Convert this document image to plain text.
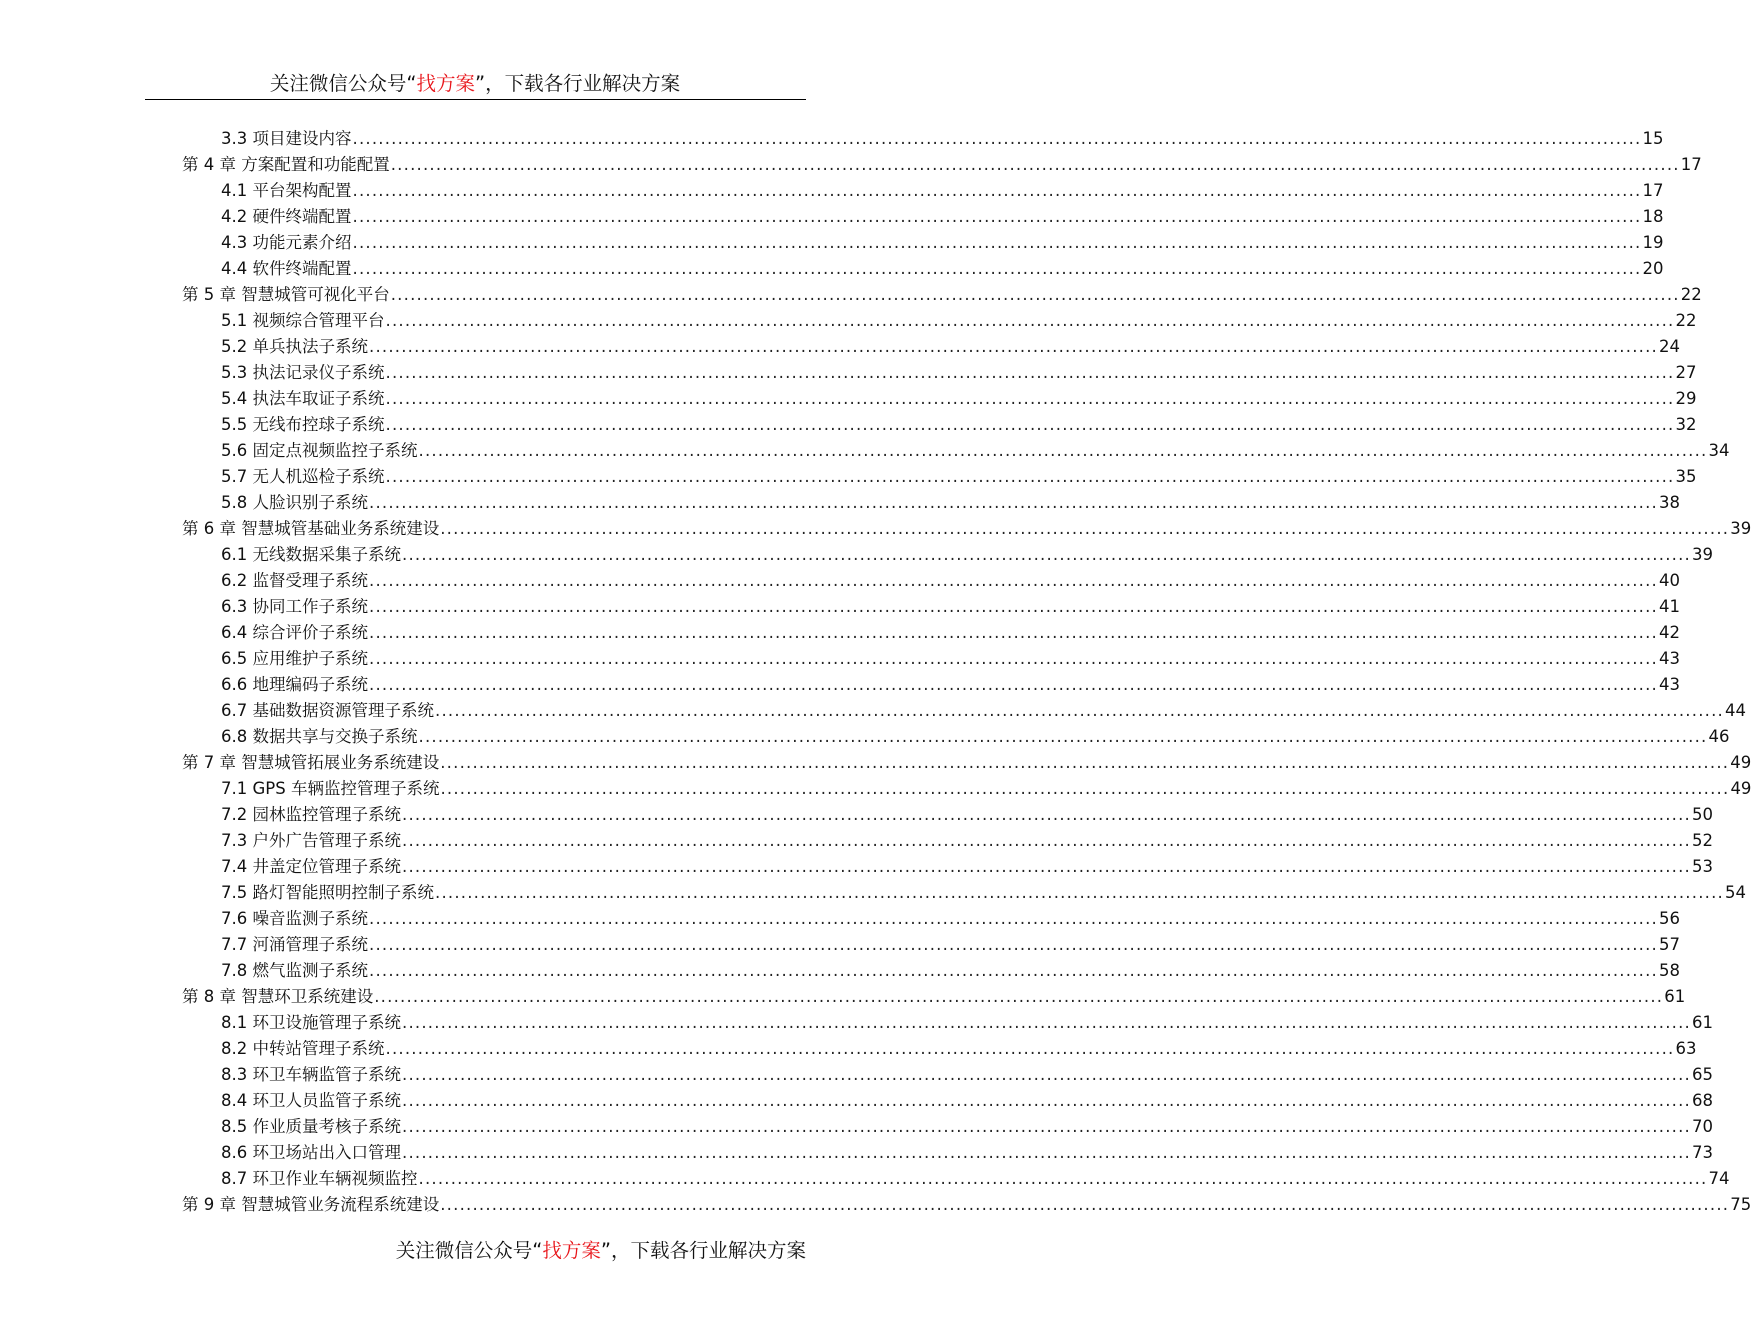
关注微信公众号“找方案”，下载各行业解决方案
3.3 项目建设内容 ........................................................................................................................................................................................................ 15
第 4 章 方案配置和功能配置 ........................................................................................................................................................................................................ 17
4.1 平台架构配置 ........................................................................................................................................................................................................ 17
4.2 硬件终端配置 ........................................................................................................................................................................................................ 18
4.3 功能元素介绍 ........................................................................................................................................................................................................ 19
4.4 软件终端配置 ........................................................................................................................................................................................................ 20
第 5 章 智慧城管可视化平台 ........................................................................................................................................................................................................ 22
5.1 视频综合管理平台 ........................................................................................................................................................................................................ 22
5.2 单兵执法子系统 ........................................................................................................................................................................................................ 24
5.3 执法记录仪子系统 ........................................................................................................................................................................................................ 27
5.4 执法车取证子系统 ........................................................................................................................................................................................................ 29
5.5 无线布控球子系统 ........................................................................................................................................................................................................ 32
5.6 固定点视频监控子系统 ........................................................................................................................................................................................................ 34
5.7 无人机巡检子系统 ........................................................................................................................................................................................................ 35
5.8 人脸识别子系统 ........................................................................................................................................................................................................ 38
第 6 章 智慧城管基础业务系统建设 ........................................................................................................................................................................................................ 39
6.1 无线数据采集子系统 ........................................................................................................................................................................................................ 39
6.2 监督受理子系统 ........................................................................................................................................................................................................ 40
6.3 协同工作子系统 ........................................................................................................................................................................................................ 41
6.4 综合评价子系统 ........................................................................................................................................................................................................ 42
6.5 应用维护子系统 ........................................................................................................................................................................................................ 43
6.6 地理编码子系统 ........................................................................................................................................................................................................ 43
6.7 基础数据资源管理子系统 ........................................................................................................................................................................................................ 44
6.8 数据共享与交换子系统 ........................................................................................................................................................................................................ 46
第 7 章 智慧城管拓展业务系统建设 ........................................................................................................................................................................................................ 49
7.1 GPS 车辆监控管理子系统 ........................................................................................................................................................................................................ 49
7.2 园林监控管理子系统 ........................................................................................................................................................................................................ 50
7.3 户外广告管理子系统 ........................................................................................................................................................................................................ 52
7.4 井盖定位管理子系统 ........................................................................................................................................................................................................ 53
7.5 路灯智能照明控制子系统 ........................................................................................................................................................................................................ 54
7.6 噪音监测子系统 ........................................................................................................................................................................................................ 56
7.7 河涌管理子系统 ........................................................................................................................................................................................................ 57
7.8 燃气监测子系统 ........................................................................................................................................................................................................ 58
第 8 章 智慧环卫系统建设 ........................................................................................................................................................................................................ 61
8.1 环卫设施管理子系统 ........................................................................................................................................................................................................ 61
8.2 中转站管理子系统 ........................................................................................................................................................................................................ 63
8.3 环卫车辆监管子系统 ........................................................................................................................................................................................................ 65
8.4 环卫人员监管子系统 ........................................................................................................................................................................................................ 68
8.5 作业质量考核子系统 ........................................................................................................................................................................................................ 70
8.6 环卫场站出入口管理 ........................................................................................................................................................................................................ 73
8.7 环卫作业车辆视频监控 ........................................................................................................................................................................................................ 74
第 9 章 智慧城管业务流程系统建设 ........................................................................................................................................................................................................ 75
关注微信公众号“找方案”，下载各行业解决方案
